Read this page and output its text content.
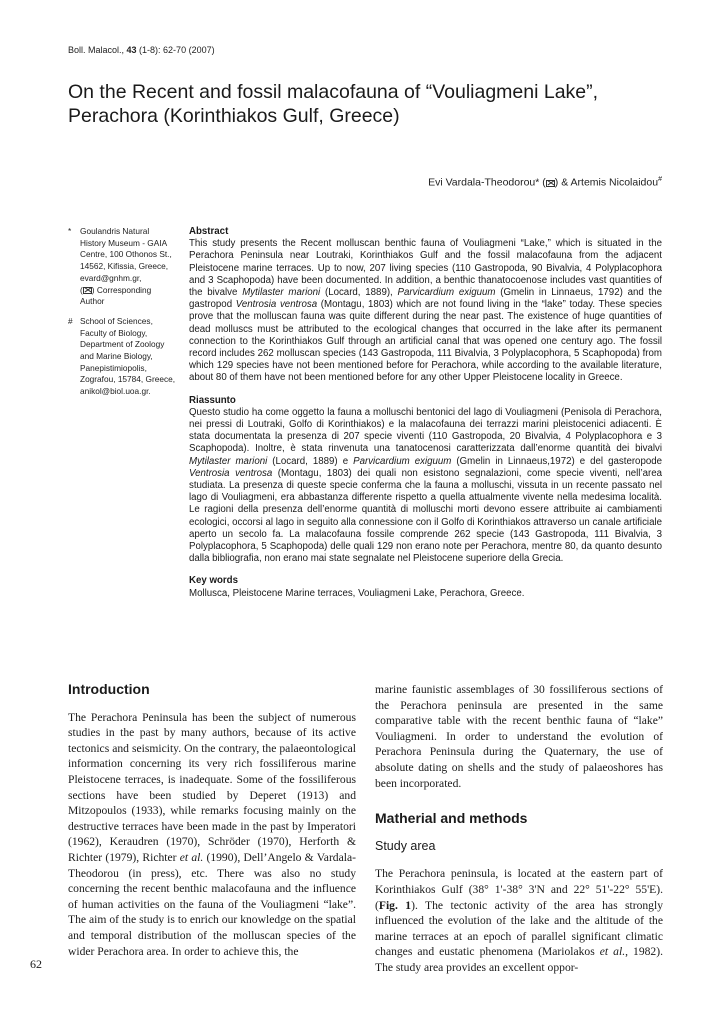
Boll. Malacol., 43 (1-8): 62-70 (2007)
On the Recent and fossil malacofauna of “Vouliagmeni Lake”,
Perachora (Korinthiakos Gulf, Greece)
Evi Vardala-Theodorou* ( ) & Artemis Nicolaidou#
*	Goulandris Natural History Museum - GAIA Centre, 100 Othonos St., 14562, Kifissia, Greece, evard@gnhm.gr,
( ) Corresponding Author
# School of Sciences, Faculty of Biology, Department of Zoology and Marine Biology, Panepistimiopolis, Zografou, 15784, Greece, anikol@biol.uoa.gr.

Abstract

This study presents the Recent molluscan benthic fauna of Vouliagmeni “Lake,” which is situated in the Perachora Peninsula near Loutraki, Korinthiakos Gulf and the fossil malacofauna from the adjacent Pleistocene marine terraces. Up to now, 207 living species (110 Gastropoda, 90 Bivalvia, 4 Polyplacophora and 3 Scaphopoda) have been documented. In addition, a benthic thanatocoenose includes vast quantities of the bivalve Mytilaster marioni (Locard, 1889), Parvicardium exiguum (Gmelin in Linnaeus, 1792) and the gastropod Ventrosia ventrosa (Montagu, 1803) which are not found living in the “lake” today. These species prove that the molluscan fauna was quite different during the near past. The existence of huge quantities of dead molluscs must be attributed to the ecological changes that occurred in the lake after its permanent connection to the Korinthiakos Gulf through an artificial canal that was opened one century ago. The fossil record includes 262 molluscan species (143 Gastropoda, 111 Bivalvia, 3 Polyplacophora, 5 Scaphopoda) from which 129 species have not been mentioned before for Perachora, while according to the available literature, about 80 of them have not been mentioned before for any other Upper Pleistocene locality in Greece.

Riassunto

Questo studio ha come oggetto la fauna a molluschi bentonici del lago di Vouliagmeni (Penisola di Perachora, nei pressi di Loutraki, Golfo di Korinthiakos) e la malacofauna dei terrazzi marini pleistocenici adiacenti. È stata documentata la presenza di 207 specie viventi (110 Gastropoda, 20 Bivalvia, 4 Polyplacophora e 3 Scaphopoda). Inoltre, è stata rinvenuta una tanatocenosi caratterizzata dall’enorme quantità dei bivalvi Mytilaster marioni (Locard, 1889) e Parvicardium exiguum (Gmelin in Linnaeus,1972) e del gasteropode Ventrosia ventrosa (Montagu, 1803) dei quali non esistono segnalazioni, come specie viventi, nell’area studiata. La presenza di queste specie conferma che la fauna a molluschi, vissuta in un recente passato nel lago di Vouliagmeni, era abbastanza differente rispetto a quella attualmente vivente nella medesima località. Le ragioni della presenza dell’enorme quantità di molluschi morti devono essere attribuite ai cambiamenti ecologici, occorsi al lago in seguito alla connessione con il Golfo di Korinthiakos attraverso un canale artificiale aperto un secolo fa. La malacofauna fossile comprende 262 specie (143 Gastropoda, 111 Bivalvia, 3 Polyplacophora, 5 Scaphopoda) delle quali 129 non erano note per Perachora, mentre 80, da quanto desunto dalla bibliografia, non erano mai state segnalate nel Pleistocene superiore della Grecia.

Key words

Mollusca, Pleistocene Marine terraces, Vouliagmeni Lake, Perachora, Greece.

Introduction

The Perachora Peninsula has been the subject of numerous studies in the past by many authors, because of its active tectonics and seismicity. On the contrary, the palaeontological information concerning its very rich fossiliferous marine Pleistocene terraces, is inadequate. Some of the fossiliferous sections have been studied by Deperet (1913) and Mitzopoulos (1933), while remarks focusing mainly on the destructive terraces have been made in the past by Imperatori (1962), Keraudren (1970), Schröder (1970), Herforth & Richter (1979), Richter et al. (1990), Dell’Angelo & Vardala-Theodorou (in press), etc. There was also no study concerning the recent benthic malacofauna and the influence of human activities on the fauna of the Vouliagmeni “lake”. The aim of the study is to enrich our knowledge on the spatial and temporal distribution of the molluscan species of the wider Perachora area. In order to achieve this, the

marine faunistic assemblages of 30 fossiliferous sections of the Perachora peninsula are presented in the same comparative table with the recent benthic fauna of “lake” Vouliagmeni. In order to understand the evolution of Perachora Peninsula during the Quaternary, the use of absolute dating on shells and the study of palaeoshores has been incorporated.

Matherial and methods
Study area

The Perachora peninsula, is located at the eastern part of Korinthiakos Gulf (38° 1'-38° 3'N and 22° 51'-22° 55'E). (Fig. 1). The tectonic activity of the area has strongly influenced the evolution of the lake and the altitude of the marine terraces at an epoch of parallel significant climatic changes and eustatic phenomena (Mariolakos et al., 1982). The study area provides an excellent oppor-

62
